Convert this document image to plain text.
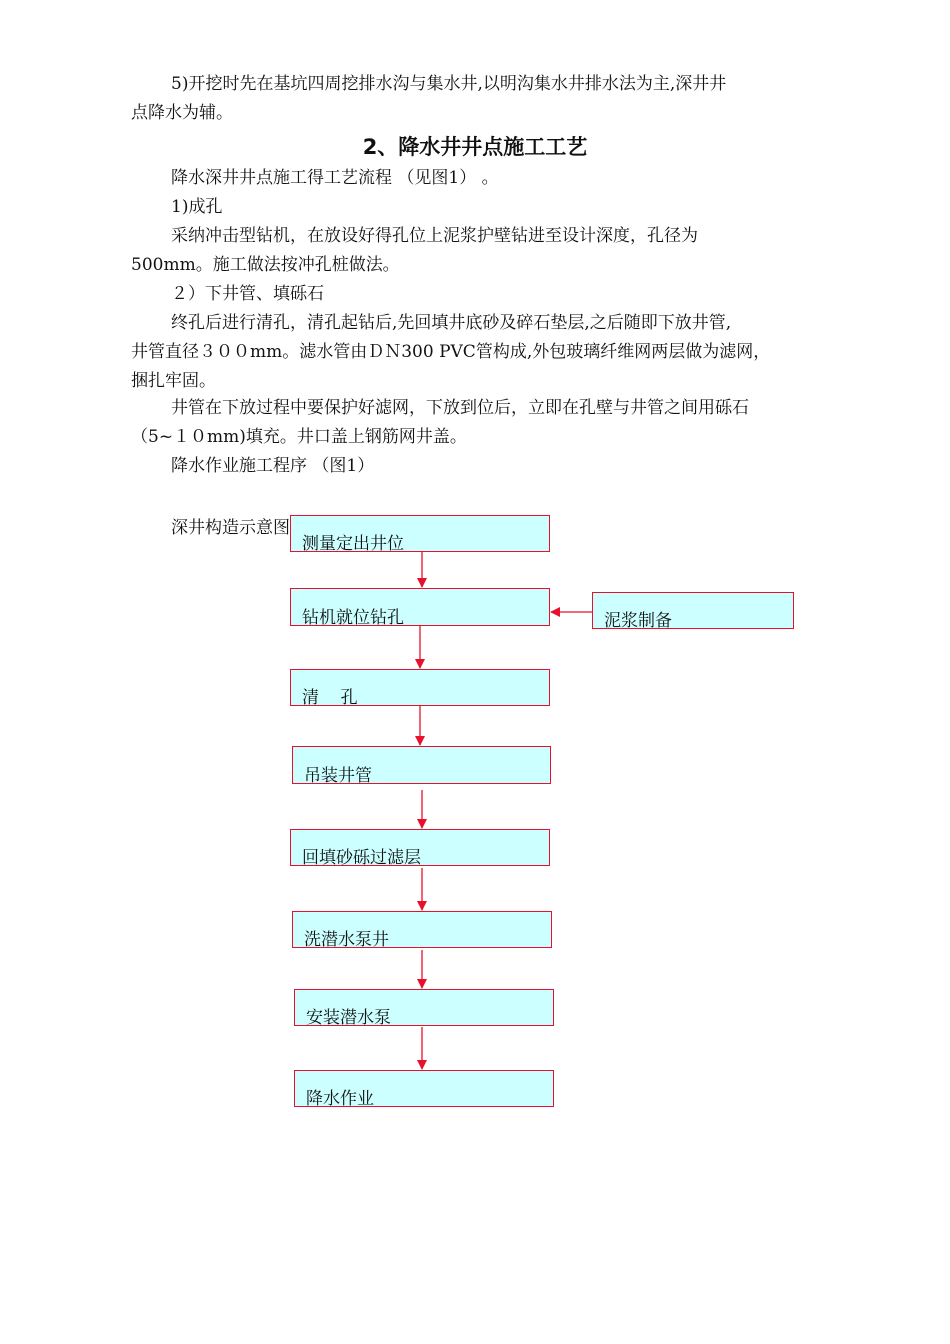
5)开挖时先在基坑四周挖排水沟与集水井,以明沟集水井排水法为主,深井井
点降水为辅。
2、降水井井点施工工艺
降水深井井点施工得工艺流程 （见图1） 。
1)成孔
采纳冲击型钻机，在放设好得孔位上泥浆护壁钻进至设计深度，孔径为
500mm。施工做法按冲孔桩做法。
２）下井管、填砾石
终孔后进行清孔，清孔起钻后,先回填井底砂及碎石垫层,之后随即下放井管,
井管直径３００mm。滤水管由ＤＮ300 PVC管构成,外包玻璃纤维网两层做为滤网，
捆扎牢固。
井管在下放过程中要保护好滤网，下放到位后，立即在孔壁与井管之间用砾石
（5~１０mm)填充。井口盖上钢筋网井盖。
降水作业施工程序 （图1）
深井构造示意图
测量定出井位
钻机就位钻孔	泥浆制备
清    孔
吊装井管
回填砂砾过滤层
洗潜水泵井
安装潜水泵
降水作业
